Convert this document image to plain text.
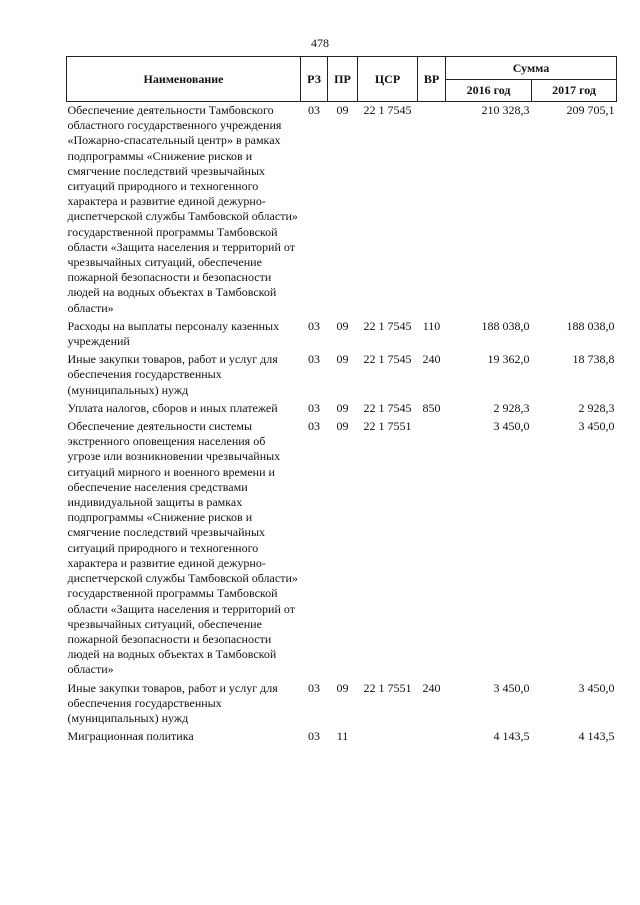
478
Наименование	РЗ	ПР	ЦСР	ВР	Сумма	
					2016 год	2017 год
Обеспечение деятельности Тамбовского областного государственного учреждения «Пожарно-спасательный центр» в рамках подпрограммы «Снижение рисков и смягчение последствий чрезвычайных ситуаций природного и техногенного характера и развитие единой дежурно-диспетчерской службы Тамбовской области» государственной программы Тамбовской области «Защита населения и территорий от чрезвычайных ситуаций, обеспечение пожарной безопасности и безопасности людей на водных объектах в Тамбовской области»	03	09	22 1 7545		210 328,3	209 705,1
Расходы на выплаты персоналу казенных учреждений	03	09	22 1 7545	110	188 038,0	188 038,0
Иные закупки товаров, работ и услуг для обеспечения государственных (муниципальных) нужд	03	09	22 1 7545	240	19 362,0	18 738,8
Уплата налогов, сборов и иных платежей	03	09	22 1 7545	850	2 928,3	2 928,3
Обеспечение деятельности системы экстренного оповещения населения об угрозе или возникновении чрезвычайных ситуаций мирного и военного времени и обеспечение населения средствами индивидуальной защиты в рамках подпрограммы «Снижение рисков и смягчение последствий чрезвычайных ситуаций природного и техногенного характера и развитие единой дежурно-диспетчерской службы Тамбовской области» государственной программы Тамбовской области «Защита населения и территорий от чрезвычайных ситуаций, обеспечение пожарной безопасности и безопасности людей на водных объектах в Тамбовской области»	03	09	22 1 7551		3 450,0	3 450,0
Иные закупки товаров, работ и услуг для обеспечения государственных (муниципальных) нужд	03	09	22 1 7551	240	3 450,0	3 450,0
Миграционная политика	03	11			4 143,5	4 143,5
